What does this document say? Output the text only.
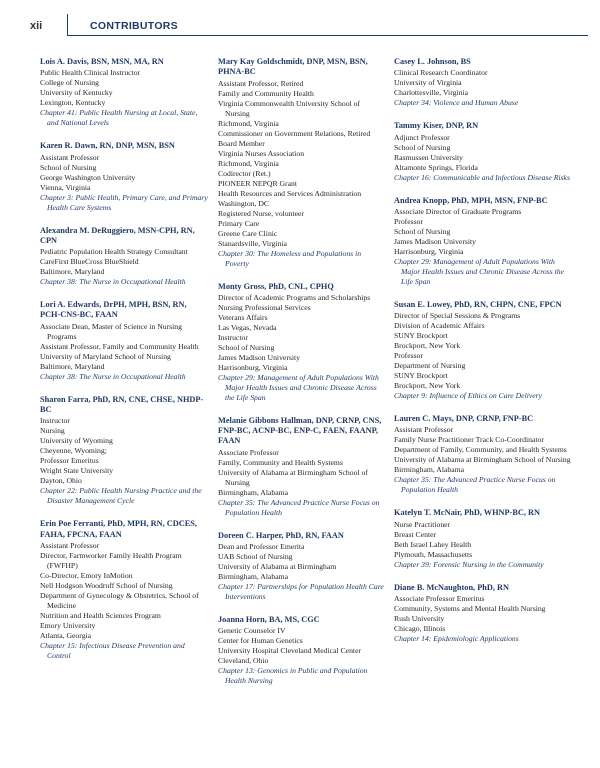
xii	CONTRIBUTORS
Lois A. Davis, BSN, MSN, MA, RN
Public Health Clinical Instructor
College of Nursing
University of Kentucky
Lexington, Kentucky
Chapter 41: Public Health Nursing at Local, State, and National Levels
Karen R. Dawn, RN, DNP, MSN, BSN
Assistant Professor
School of Nursing
George Washington University
Vienna, Virginia
Chapter 3: Public Health, Primary Care, and Primary Health Care Systems
Alexandra M. DeRuggiero, MSN-CPH, RN, CPN
Pediatric Population Health Strategy Consultant
CareFirst BlueCross BlueShield
Baltimore, Maryland
Chapter 38: The Nurse in Occupational Health
Lori A. Edwards, DrPH, MPH, BSN, RN, PCH-CNS-BC, FAAN
Associate Dean, Master of Science in Nursing Programs
Assistant Professor, Family and Community Health
University of Maryland School of Nursing
Baltimore, Maryland
Chapter 38: The Nurse in Occupational Health
Sharon Farra, PhD, RN, CNE, CHSE, NHDP-BC
Instructor
Nursing
University of Wyoming
Cheyenne, Wyoming;
Professor Emeritus
Wright State University
Dayton, Ohio
Chapter 22: Public Health Nursing Practice and the Disaster Management Cycle
Erin Poe Ferranti, PhD, MPH, RN, CDCES, FAHA, FPCNA, FAAN
Assistant Professor
Director, Farmworker Family Health Program (FWFHP)
Co-Director, Emory InMotion
Nell Hodgson Woodruff School of Nursing
Department of Gynecology & Obstetrics, School of Medicine
Nutrition and Health Sciences Program
Emory University
Atlanta, Georgia
Chapter 15: Infectious Disease Prevention and Control
Mary Kay Goldschmidt, DNP, MSN, BSN, PHNA-BC
Assistant Professor, Retired
Family and Community Health
Virginia Commonwealth University School of Nursing
Richmond, Virginia
Commissioner on Government Relations, Retired
Board Member
Virginia Nurses Association
Richmond, Virginia
Codirector (Ret.)
PIONEER NEPQR Grant
Health Resources and Services Administration
Washington, DC
Registered Nurse, volunteer
Primary Care
Greene Care Clinic
Stanardsville, Virginia
Chapter 30: The Homeless and Populations in Poverty
Monty Gross, PhD, CNL, CPHQ
Director of Academic Programs and Scholarships
Nursing Professional Services
Veterans Affairs
Las Vegas, Nevada
Instructor
School of Nursing
James Madison University
Harrisonburg, Virginia
Chapter 29: Management of Adult Populations With Major Health Issues and Chronic Disease Across the Life Span
Melanie Gibbons Hallman, DNP, CRNP, CNS, FNP-BC, ACNP-BC, ENP-C, FAEN, FAANP, FAAN
Associate Professor
Family, Community and Health Systems
University of Alabama at Birmingham School of Nursing
Birmingham, Alabama
Chapter 35: The Advanced Practice Nurse Focus on Population Health
Doreen C. Harper, PhD, RN, FAAN
Dean and Professor Emerita
UAB School of Nursing
University of Alabama at Birmingham
Birmingham, Alabama
Chapter 17: Partnerships for Population Health Care Interventions
Joanna Horn, BA, MS, CGC
Genetic Counselor IV
Center for Human Genetics
University Hospital Cleveland Medical Center
Cleveland, Ohio
Chapter 13: Genomics in Public and Population Health Nursing
Casey L. Johnson, BS
Clinical Research Coordinator
University of Virginia
Charlottesville, Virginia
Chapter 34: Violence and Human Abuse
Tammy Kiser, DNP, RN
Adjunct Professor
School of Nursing
Rasmussen University
Altamonte Springs, Florida
Chapter 16: Communicable and Infectious Disease Risks
Andrea Knopp, PhD, MPH, MSN, FNP-BC
Associate Director of Graduate Programs
Professor
School of Nursing
James Madison University
Harrisonburg, Virginia
Chapter 29: Management of Adult Populations With Major Health Issues and Chronic Disease Across the Life Span
Susan E. Lowey, PhD, RN, CHPN, CNE, FPCN
Director of Special Sessions & Programs
Division of Academic Affairs
SUNY Brockport
Brockport, New York
Professor
Department of Nursing
SUNY Brockport
Brockport, New York
Chapter 9: Influence of Ethics on Care Delivery
Lauren C. Mays, DNP, CRNP, FNP-BC
Assistant Professor
Family Nurse Practitioner Track Co-Coordinator
Department of Family, Community, and Health Systems
University of Alabama at Birmingham School of Nursing
Birmingham, Alabama
Chapter 35: The Advanced Practice Nurse Focus on Population Health
Katelyn T. McNair, PhD, WHNP-BC, RN
Nurse Practitioner
Breast Center
Beth Israel Lahey Health
Plymouth, Massachusetts
Chapter 39: Forensic Nursing in the Community
Diane B. McNaughton, PhD, RN
Associate Professor Emeritus
Community, Systems and Mental Health Nursing
Rush University
Chicago, Illinois
Chapter 14: Epidemiologic Applications
